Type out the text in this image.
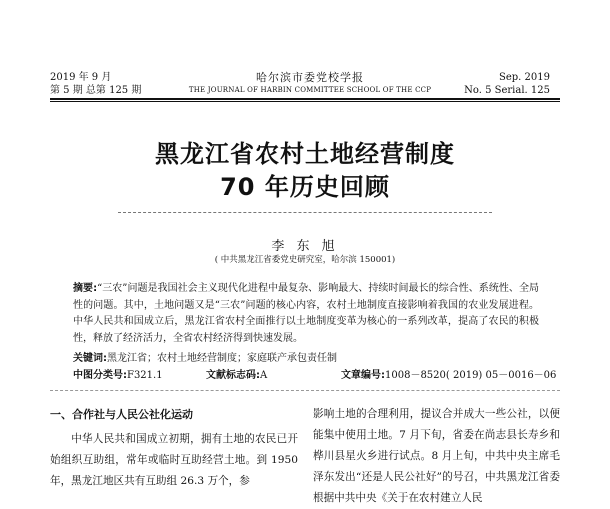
2019 年 9 月
第 5 期 总第 125 期
哈尔滨市委党校学报
THE JOURNAL OF HARBIN COMMITTEE SCHOOL OF THE CCP
Sep. 2019
No. 5 Serial. 125
黑龙江省农村土地经营制度
70 年历史回顾
李 东 旭
( 中共黑龙江省委党史研究室，哈尔滨 150001)
摘要:“三农”问题是我国社会主义现代化进程中最复杂、影响最大、持续时间最长的综合性、系统性、全局性的问题。其中，土地问题又是“三农”问题的核心内容，农村土地制度直接影响着我国的农业发展进程。中华人民共和国成立后，黑龙江省农村全面推行以土地制度变革为核心的一系列改革，提高了农民的积极性，释放了经济活力，全省农村经济得到快速发展。
关键词:黑龙江省；农村土地经营制度；家庭联产承包责任制
中图分类号:F321.1	文献标志码:A	文章编号:1008－8520( 2019) 05－0016－06
一、合作社与人民公社化运动
中华人民共和国成立初期，拥有土地的农民已开始组织互助组，常年或临时互助经营土地。到 1950 年，黑龙江地区共有互助组 26.3 万个，参
影响土地的合理利用，提议合并成大一些公社，以便能集中使用土地。7 月下旬，省委在尚志县长寿乡和桦川县星火乡进行试点。8 月上旬，中共中央主席毛泽东发出“还是人民公社好”的号召，中共黑龙江省委根据中共中央《关于在农村建立人民
